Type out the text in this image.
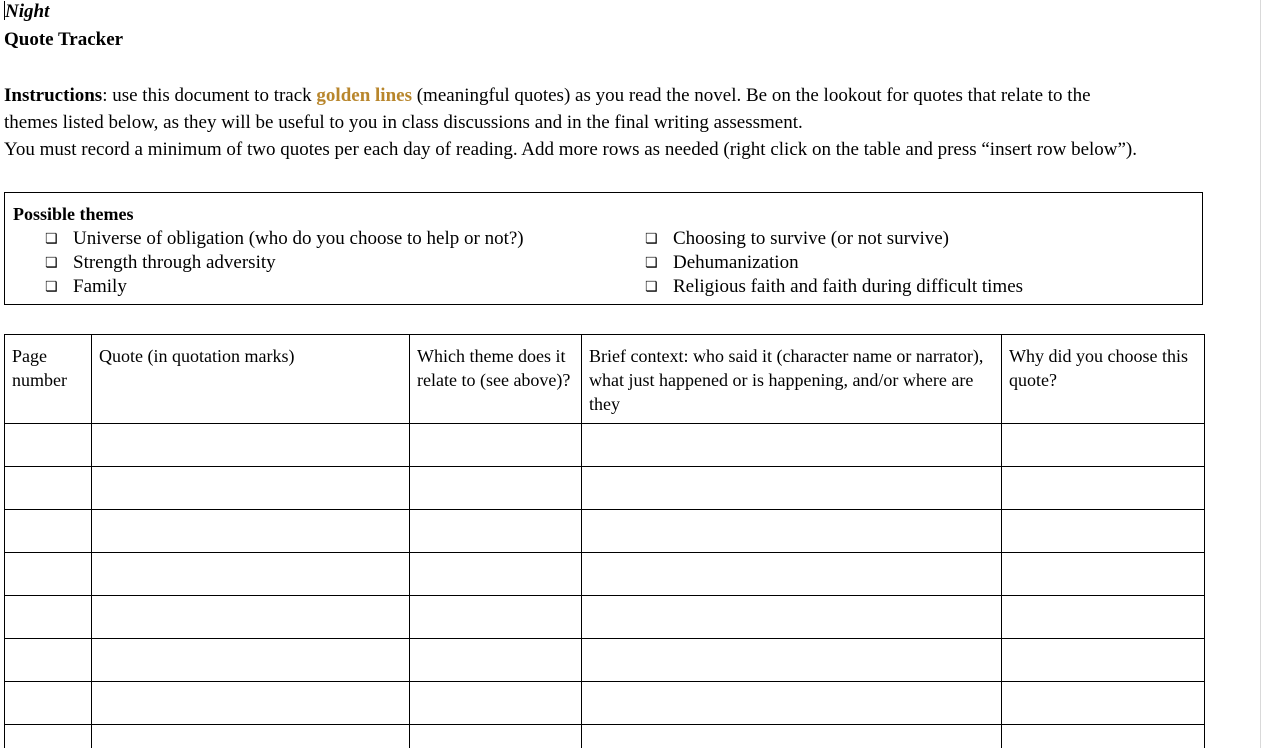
Night
Quote Tracker

Instructions: use this document to track golden lines (meaningful quotes) as you read the novel. Be on the lookout for quotes that relate to the

themes listed below, as they will be useful to you in class discussions and in the final writing assessment.

You must record a minimum of two quotes per each day of reading. Add more rows as needed (right click on the table and press “insert row below”).

Possible themes
❏ Universe of obligation (who do you choose to help or not?)
❏ Strength through adversity
❏ Family
❏ Choosing to survive (or not survive)
❏ Dehumanization
❏ Religious faith and faith during difficult times
Page number	Quote (in quotation marks)	Which theme does it relate to (see above)?	Brief context: who said it (character name or narrator), what just happened or is happening, and/or where are they	Why did you choose this quote?
